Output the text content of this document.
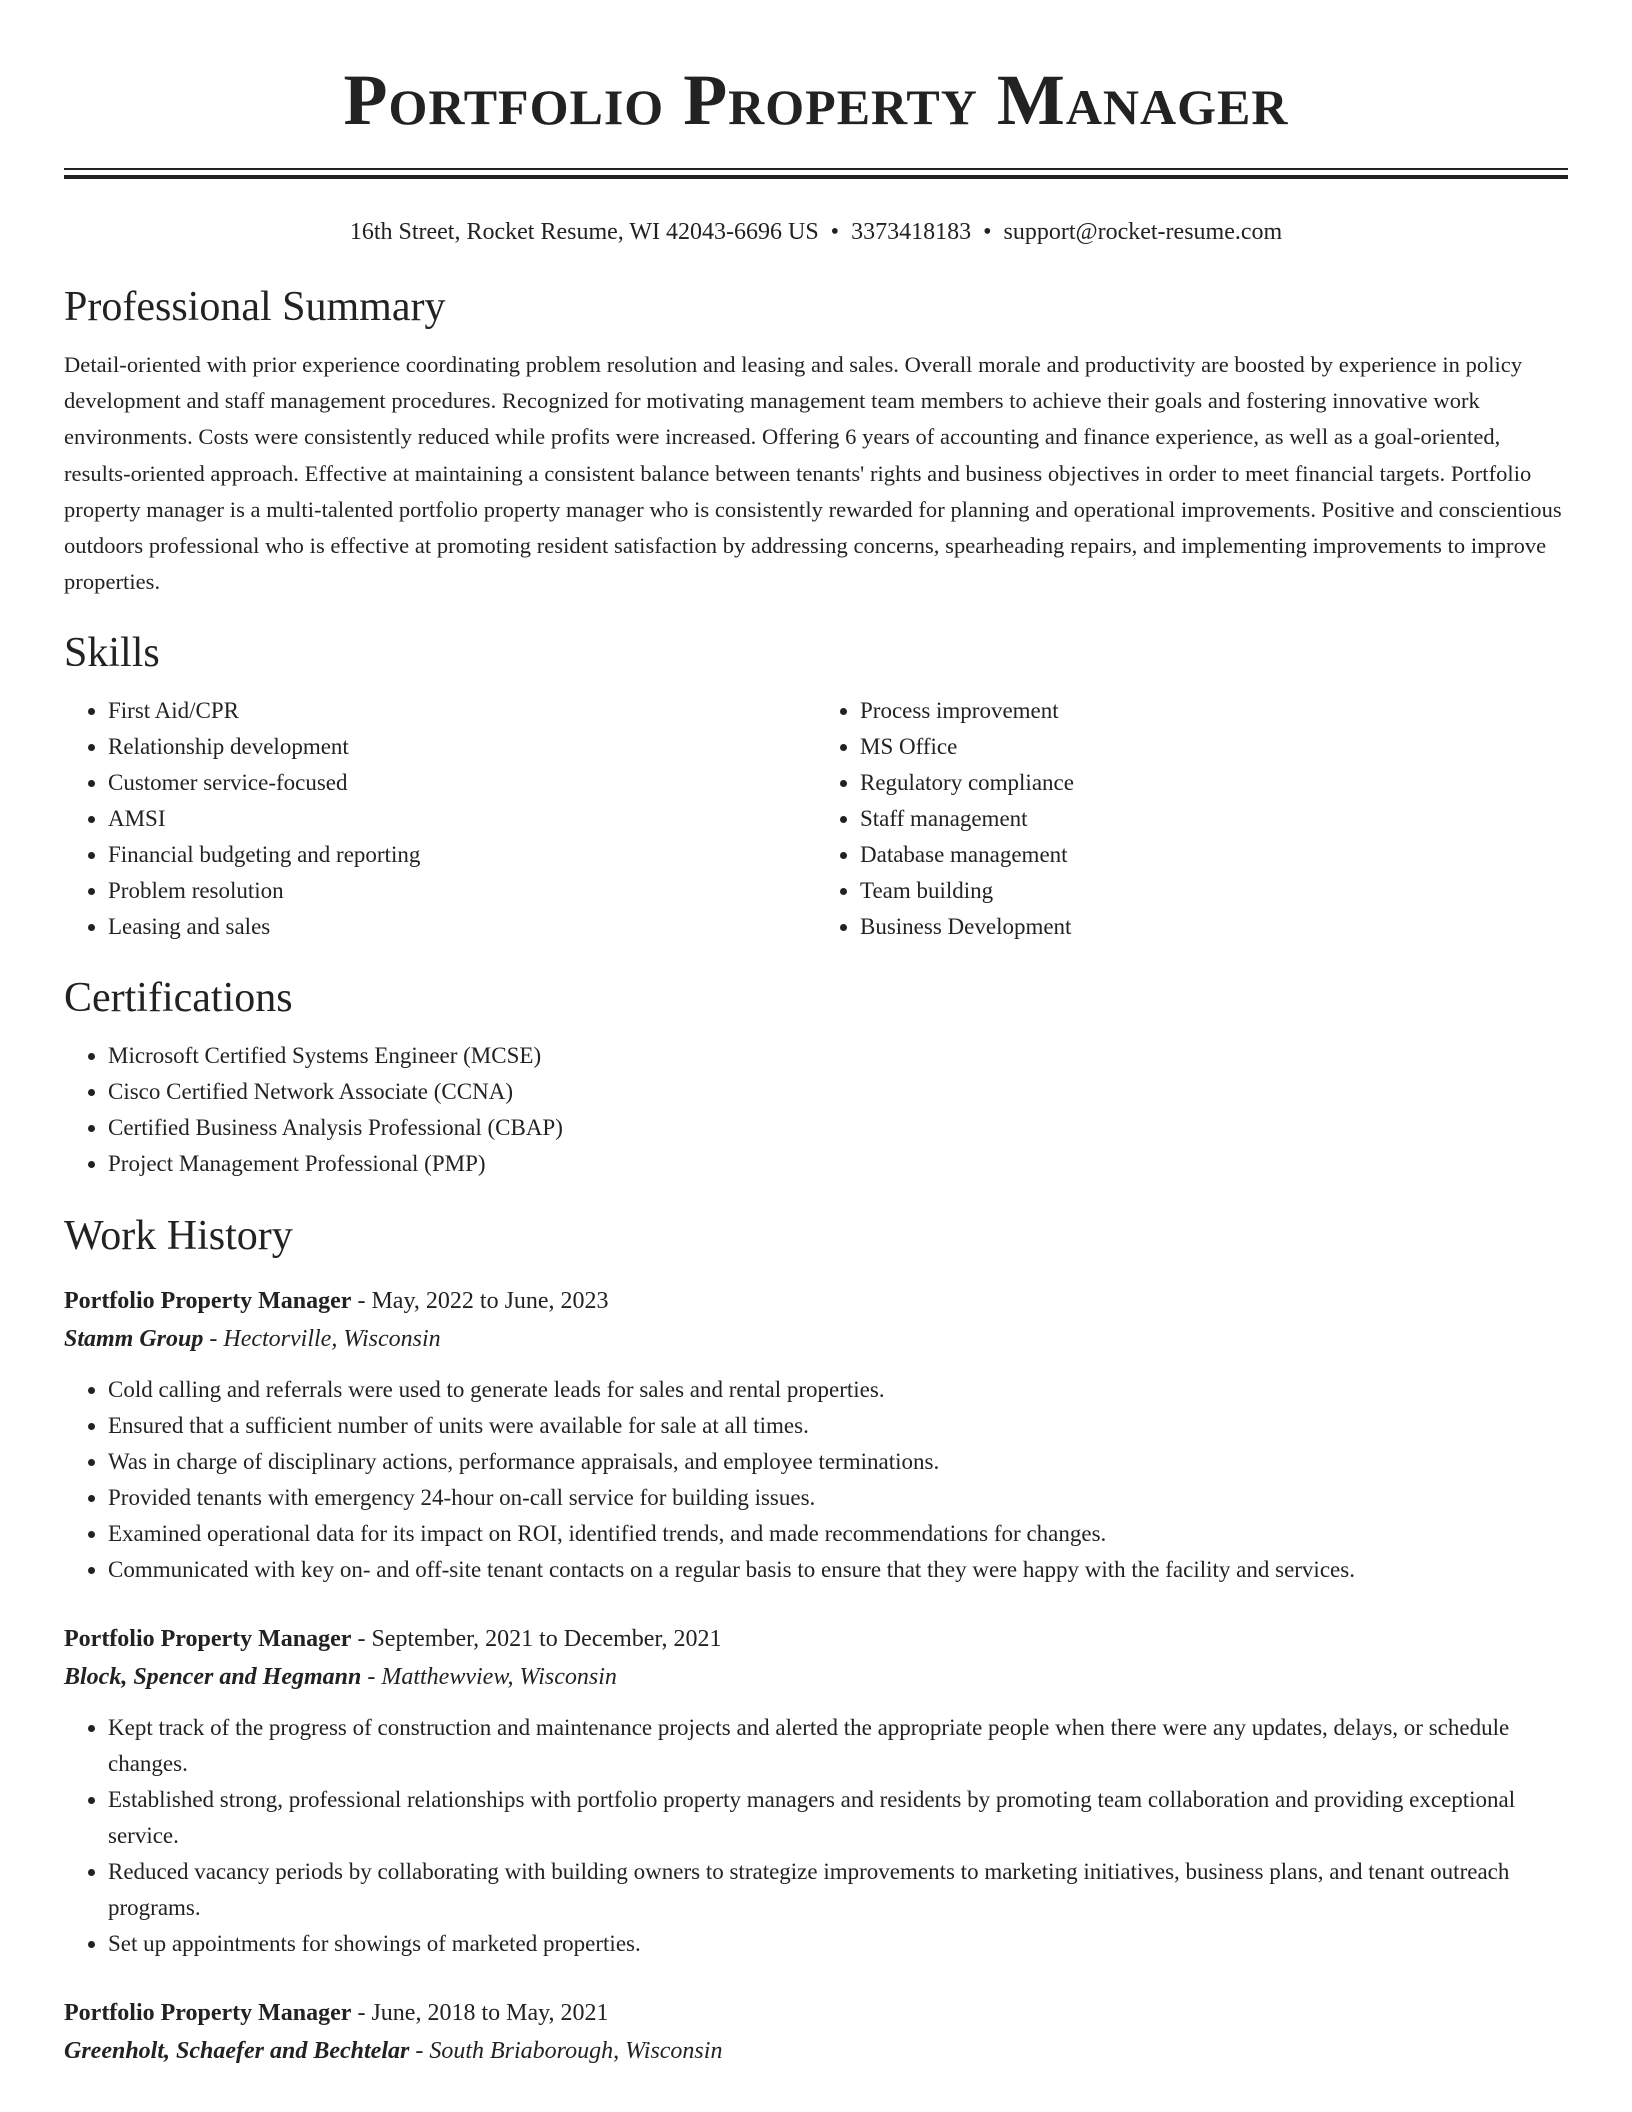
Portfolio Property Manager
16th Street, Rocket Resume, WI 42043-6696 US • 3373418183 • support@rocket-resume.com
Professional Summary

Detail-oriented with prior experience coordinating problem resolution and leasing and sales. Overall morale and productivity are boosted by experience in policy development and staff management procedures. Recognized for motivating management team members to achieve their goals and fostering innovative work environments. Costs were consistently reduced while profits were increased. Offering 6 years of accounting and finance experience, as well as a goal-oriented, results-oriented approach. Effective at maintaining a consistent balance between tenants' rights and business objectives in order to meet financial targets. Portfolio property manager is a multi-talented portfolio property manager who is consistently rewarded for planning and operational improvements. Positive and conscientious outdoors professional who is effective at promoting resident satisfaction by addressing concerns, spearheading repairs, and implementing improvements to improve properties.

Skills
• First Aid/CPR
• Relationship development
• Customer service-focused
• AMSI
• Financial budgeting and reporting
• Problem resolution
• Leasing and sales
• Process improvement
• MS Office
• Regulatory compliance
• Staff management
• Database management
• Team building
• Business Development
Certifications
• Microsoft Certified Systems Engineer (MCSE)
• Cisco Certified Network Associate (CCNA)
• Certified Business Analysis Professional (CBAP)
• Project Management Professional (PMP)
Work History
Portfolio Property Manager - May, 2022 to June, 2023
Stamm Group - Hectorville, Wisconsin
• Cold calling and referrals were used to generate leads for sales and rental properties.
• Ensured that a sufficient number of units were available for sale at all times.
• Was in charge of disciplinary actions, performance appraisals, and employee terminations.
• Provided tenants with emergency 24-hour on-call service for building issues.
• Examined operational data for its impact on ROI, identified trends, and made recommendations for changes.
• Communicated with key on- and off-site tenant contacts on a regular basis to ensure that they were happy with the facility and services.
Portfolio Property Manager - September, 2021 to December, 2021
Block, Spencer and Hegmann - Matthewview, Wisconsin
• Kept track of the progress of construction and maintenance projects and alerted the appropriate people when there were any updates, delays, or schedule changes.
• Established strong, professional relationships with portfolio property managers and residents by promoting team collaboration and providing exceptional service.
• Reduced vacancy periods by collaborating with building owners to strategize improvements to marketing initiatives, business plans, and tenant outreach programs.
• Set up appointments for showings of marketed properties.
Portfolio Property Manager - June, 2018 to May, 2021
Greenholt, Schaefer and Bechtelar - South Briaborough, Wisconsin
